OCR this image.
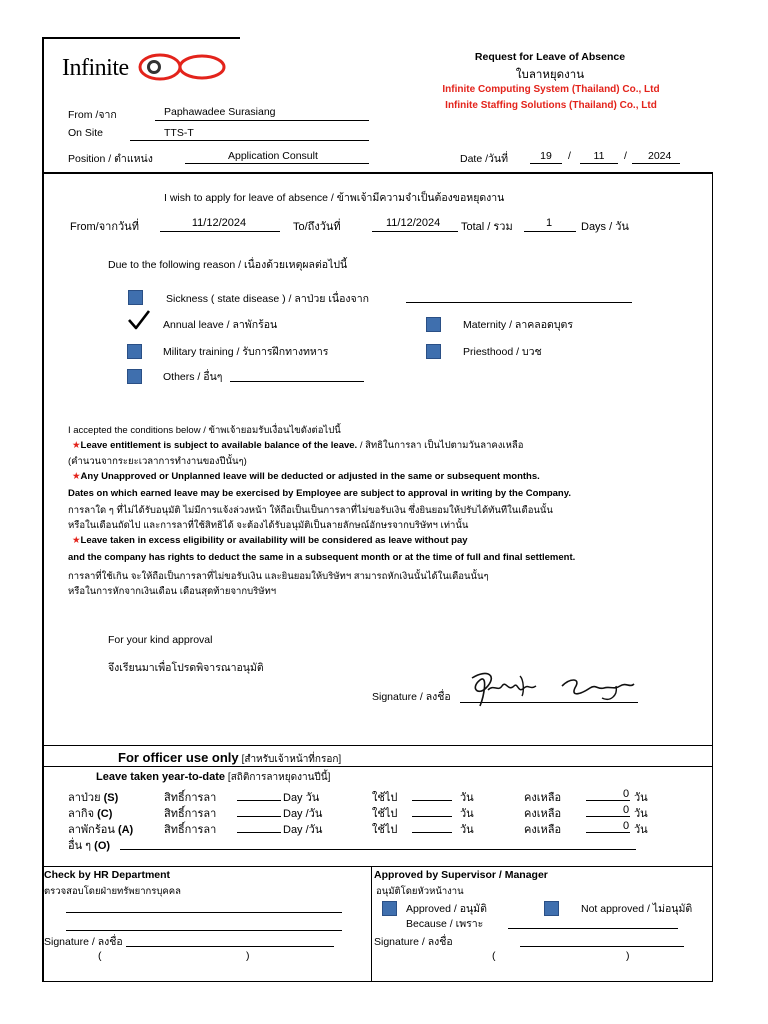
Infinite	Request for Leave of Absence
ใบลาหยุดงาน
Infinite Computing System (Thailand) Co., Ltd
Infinite Staffing Solutions (Thailand) Co., Ltd
From /จาก	Paphawadee Surasiang
On Site	TTS-T
Position / ตำแหน่ง	Application Consult	Date /วันที่	19	/	11	/ 2024
I wish to apply for leave of absence / ข้าพเจ้ามีความจำเป็นต้องขอหยุดงาน
From/จากวันที่	11/12/2024	To/ถึงวันที่	11/12/2024 Total / รวม	1	Days / วัน
Due to the following reason / เนื่องด้วยเหตุผลต่อไปนี้
Sickness ( state disease ) / ลาป่วย เนื่องจาก
Annual leave / ลาพักร้อน	Maternity / ลาคลอดบุตร
Military training / รับการฝึกทางทหาร	Priesthood / บวช
Others / อื่นๆ
I accepted the conditions below / ข้าพเจ้ายอมรับเงื่อนไขดังต่อไปนี้
★Leave entitlement is subject to available balance of the leave. / สิทธิในการลา เป็นไปตามวันลาคงเหลือ
(คำนวนจากระยะเวลาการทำงานของปีนั้นๆ)
★Any Unapproved or Unplanned leave will be deducted or adjusted in the same or subsequent months.
Dates on which earned leave may be exercised by Employee are subject to approval in writing by the Company.
การลาใด ๆ ที่ไม่ได้รับอนุมัติ ไม่มีการแจ้งล่วงหน้า ให้ถือเป็นเป็นการลาที่ไม่ขอรับเงิน ซึ่งยินยอมให้ปรับได้ทันทีในเดือนนั้น
หรือในเดือนถัดไป และการลาที่ใช้สิทธิได้ จะต้องได้รับอนุมัติเป็นลายลักษณ์อักษรจากบริษัทฯ เท่านั้น
★Leave taken in excess eligibility or availability will be considered as leave without pay
and the company has rights to deduct the same in a subsequent month or at the time of full and final settlement.
การลาที่ใช้เกิน จะให้ถือเป็นการลาที่ไม่ขอรับเงิน และยินยอมให้บริษัทฯ สามารถหักเงินนั้นได้ในเดือนนั้นๆ
หรือในการหักจากเงินเดือน เดือนสุดท้ายจากบริษัทฯ
For your kind approval
จึงเรียนมาเพื่อโปรดพิจารณาอนุมัติ
Signature / ลงชื่อ
For officer use only [สำหรับเจ้าหน้าที่กรอก]
Leave taken year-to-date [สถิติการลาหยุดงานปีนี้]
ลาป่วย (S)	สิทธิ์การลา	Day วัน	ใช้ไป	วัน	คงเหลือ	0 วัน
ลากิจ (C)	สิทธิ์การลา	Day /วัน	ใช้ไป	วัน	คงเหลือ	0 วัน
ลาพักร้อน (A)	สิทธิ์การลา	Day /วัน	ใช้ไป	วัน	คงเหลือ	0 วัน
อื่น ๆ (O)
Check by HR Department
ตรวจสอบโดยฝ่ายทรัพยากรบุคคล
Signature / ลงชื่อ
(	)
Approved by Supervisor / Manager
อนุมัติโดยหัวหน้างาน
Approved / อนุมัติ	Not approved / ไม่อนุมัติ
Because / เพราะ
Signature / ลงชื่อ
(	)
